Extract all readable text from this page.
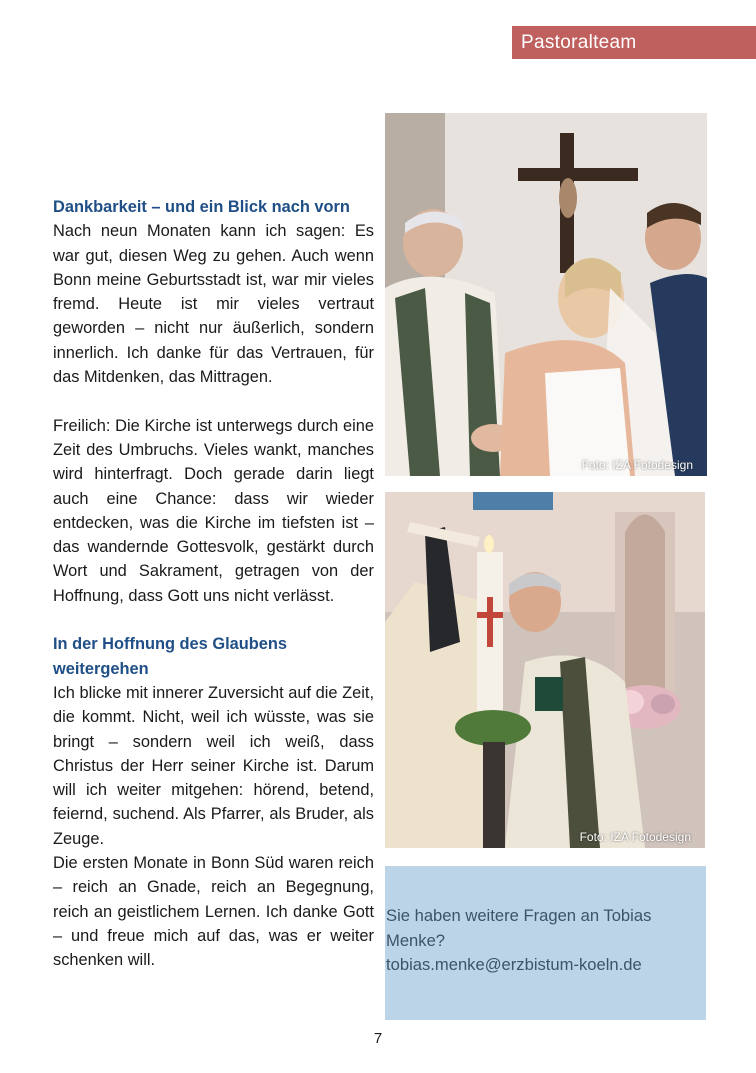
Pastoralteam
Dankbarkeit – und ein Blick nach vorn

Nach neun Monaten kann ich sagen: Es war gut, diesen Weg zu gehen. Auch wenn Bonn meine Geburtsstadt ist, war mir vieles fremd. Heute ist mir vieles vertraut geworden – nicht nur äußerlich, sondern innerlich. Ich danke für das Vertrauen, für das Mitdenken, das Mittragen.

Freilich: Die Kirche ist unterwegs durch eine Zeit des Umbruchs. Vieles wankt, manches wird hinterfragt. Doch gerade darin liegt auch eine Chance: dass wir wieder entdecken, was die Kirche im tiefsten ist – das wandernde Gottesvolk, gestärkt durch Wort und Sakrament, getragen von der Hoffnung, dass Gott uns nicht verlässt.

In der Hoffnung des Glaubens weitergehen

Ich blicke mit innerer Zuversicht auf die Zeit, die kommt. Nicht, weil ich wüsste, was sie bringt – sondern weil ich weiß, dass Christus der Herr seiner Kirche ist. Darum will ich weiter mitgehen: hörend, betend, feiernd, suchend. Als Pfarrer, als Bruder, als Zeuge.

Die ersten Monate in Bonn Süd waren reich – reich an Gnade, reich an Begegnung, reich an geistlichem Lernen. Ich danke Gott – und freue mich auf das, was er weiter schenken will.

Foto: IZA Fotodesign
Foto: IZA Fotodesign
Sie haben weitere Fragen an Tobias Menke?
tobias.menke@erzbistum-koeln.de
7
